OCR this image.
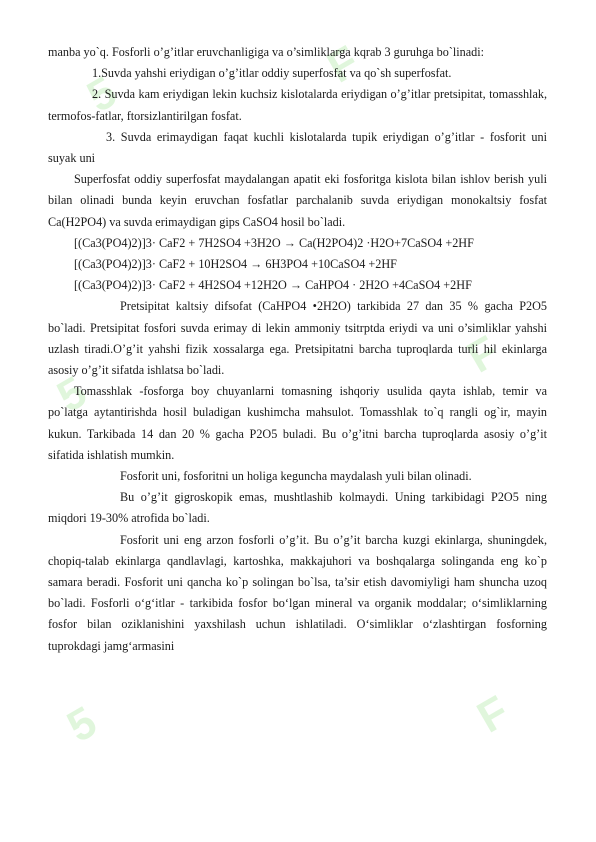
5
F
5
F
5	F

manba yo`q. Fosforli o’g’itlar eruvchanligiga va o’simliklarga kqrab 3 guruhga bo`linadi:

1.Suvda yahshi eriydigan o’g’itlar oddiy superfosfat va qo`sh superfosfat.

2. Suvda kam eriydigan lekin kuchsiz kislotalarda eriydigan o’g’itlar pretsipitat, tomasshlak, termofos-fatlar, ftorsizlantirilgan fosfat.

3. Suvda erimaydigan faqat kuchli kislotalarda tupik eriydigan o’g’itlar - fosforit uni suyak uni

Superfosfat oddiy superfosfat maydalangan apatit eki fosforitga kislota bilan ishlov berish yuli bilan olinadi bunda keyin eruvchan fosfatlar parchalanib suvda eriydigan monokaltsiy fosfat Ca(H2PO4) va suvda erimaydigan gips CaSO4 hosil bo`ladi.

[(Ca3(PO4)2)]3· CaF2 + 7H2SO4 +3H2O → Ca(H2PO4)2 ·H2O+7CaSO4 +2HF

[(Ca3(PO4)2)]3· CaF2 + 10H2SO4 → 6H3PO4 +10CaSO4 +2HF

[(Ca3(PO4)2)]3· CaF2 + 4H2SO4 +12H2O → CaHPO4 · 2H2O +4CaSO4 +2HF

Pretsipitat kaltsiy difsofat (CaHPO4 •2H2O) tarkibida 27 dan 35 % gacha P2O5 bo`ladi. Pretsipitat fosfori suvda erimay di lekin ammoniy tsitrptda eriydi va uni o’simliklar yahshi uzlash tiradi.O’g’it yahshi fizik xossalarga ega. Pretsipitatni barcha tuproqlarda turli hil ekinlarga asosiy o’g’it sifatda ishlatsa bo`ladi.

Tomasshlak -fosforga boy chuyanlarni tomasning ishqoriy usulida qayta ishlab, temir va po`latga aytantirishda hosil buladigan kushimcha mahsulot. Tomasshlak to`q rangli og`ir, mayin kukun. Tarkibada 14 dan 20 % gacha P2O5 buladi. Bu o’g’itni barcha tuproqlarda asosiy o’g’it sifatida ishlatish mumkin.

Fosforit uni, fosforitni un holiga keguncha maydalash yuli bilan olinadi.

Bu o’g’it gigroskopik emas, mushtlashib kolmaydi. Uning tarkibidagi P2O5 ning miqdori 19-30% atrofida bo`ladi.

Fosforit uni eng arzon fosforli o’g’it. Bu o’g’it barcha kuzgi ekinlarga, shuningdek, chopiq-talab ekinlarga qandlavlagi, kartoshka, makkajuhori va boshqalarga solinganda eng ko`p samara beradi. Fosforit uni qancha ko`p solingan bo`lsa, ta’sir etish davomiyligi ham shuncha uzoq bo`ladi. Fosforli o‘g‘itlar - tarkibida fosfor bo‘lgan mineral va organik moddalar; o‘simliklarning fosfor bilan oziklanishini yaxshilash uchun ishlatiladi. O‘simliklar o‘zlashtirgan fosforning tuprokdagi jamg‘armasini
